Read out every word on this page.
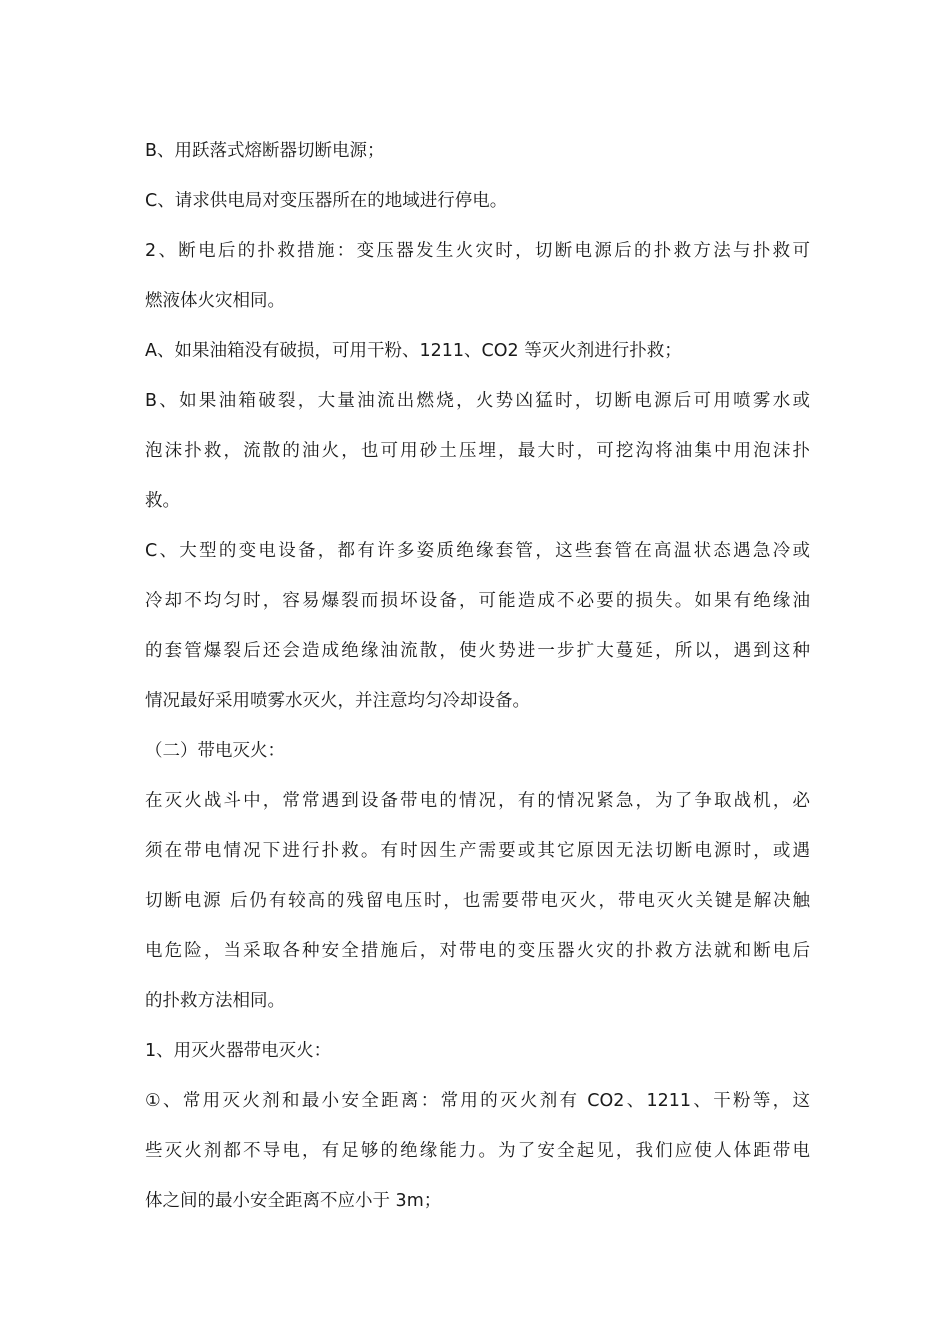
B、用跃落式熔断器切断电源；
C、请求供电局对变压器所在的地域进行停电。
2、断电后的扑救措施：变压器发生火灾时，切断电源后的扑救方法与扑救可
燃液体火灾相同。
A、如果油箱没有破损，可用干粉、1211、CO2 等灭火剂进行扑救；
B、如果油箱破裂，大量油流出燃烧，火势凶猛时，切断电源后可用喷雾水或
泡沫扑救，流散的油火，也可用砂土压埋，最大时，可挖沟将油集中用泡沫扑
救。
C、大型的变电设备，都有许多姿质绝缘套管，这些套管在高温状态遇急冷或
冷却不均匀时，容易爆裂而损坏设备，可能造成不必要的损失。如果有绝缘油
的套管爆裂后还会造成绝缘油流散，使火势进一步扩大蔓延，所以，遇到这种
情况最好采用喷雾水灭火，并注意均匀冷却设备。
（二）带电灭火：
在灭火战斗中，常常遇到设备带电的情况，有的情况紧急，为了争取战机，必
须在带电情况下进行扑救。有时因生产需要或其它原因无法切断电源时，或遇
切断电源 后仍有较高的残留电压时，也需要带电灭火，带电灭火关键是解决触
电危险，当采取各种安全措施后，对带电的变压器火灾的扑救方法就和断电后
的扑救方法相同。
1、用灭火器带电灭火：
①、常用灭火剂和最小安全距离：常用的灭火剂有 CO2、1211、干粉等，这
些灭火剂都不导电，有足够的绝缘能力。为了安全起见，我们应使人体距带电
体之间的最小安全距离不应小于 3m；
